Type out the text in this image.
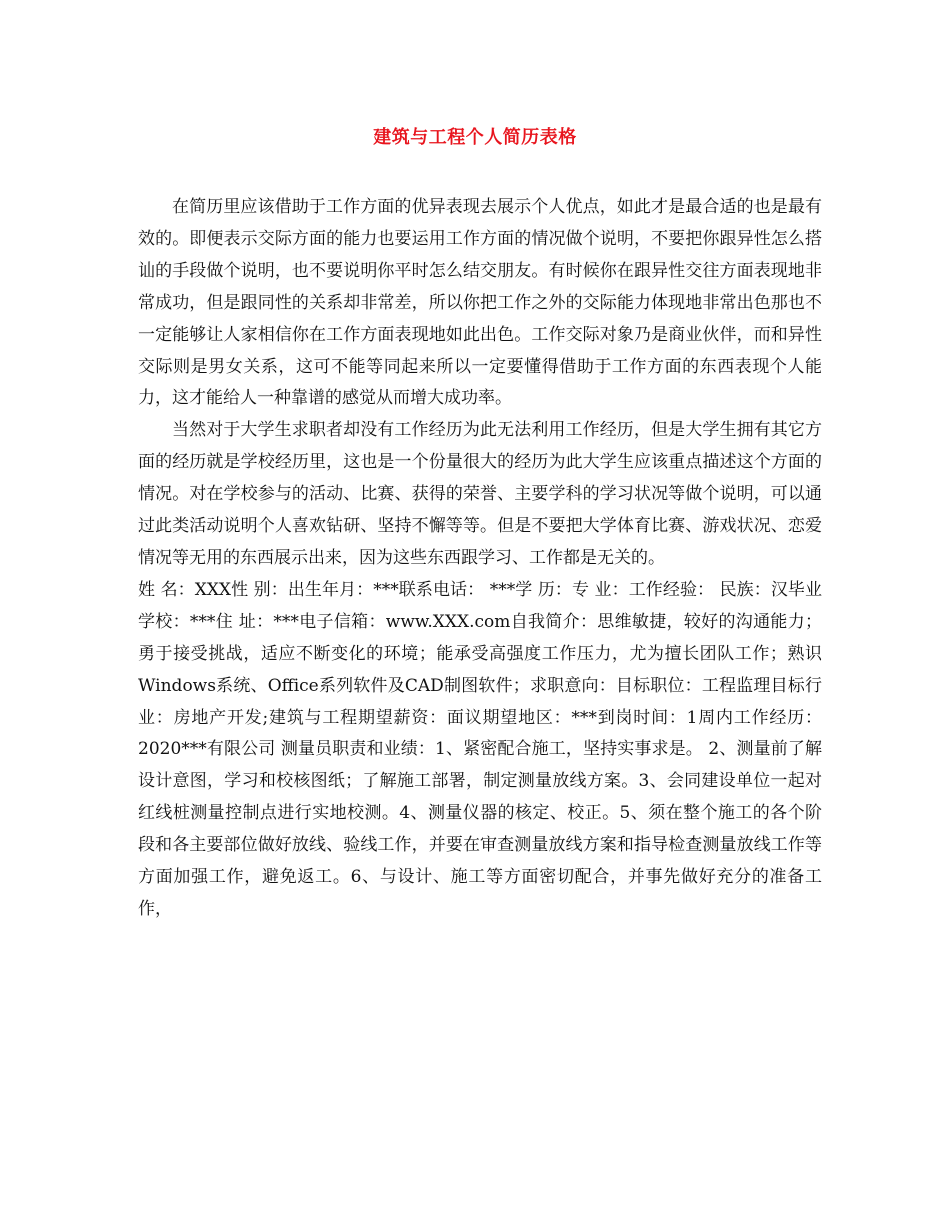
建筑与工程个人简历表格

在简历里应该借助于工作方面的优异表现去展示个人优点，如此才是最合适的也是最有效的。即便表示交际方面的能力也要运用工作方面的情况做个说明，不要把你跟异性怎么搭讪的手段做个说明，也不要说明你平时怎么结交朋友。有时候你在跟异性交往方面表现地非常成功，但是跟同性的关系却非常差，所以你把工作之外的交际能力体现地非常出色那也不一定能够让人家相信你在工作方面表现地如此出色。工作交际对象乃是商业伙伴，而和异性交际则是男女关系，这可不能等同起来所以一定要懂得借助于工作方面的东西表现个人能力，这才能给人一种靠谱的感觉从而增大成功率。

当然对于大学生求职者却没有工作经历为此无法利用工作经历，但是大学生拥有其它方面的经历就是学校经历里，这也是一个份量很大的经历为此大学生应该重点描述这个方面的情况。对在学校参与的活动、比赛、获得的荣誉、主要学科的学习状况等做个说明，可以通过此类活动说明个人喜欢钻研、坚持不懈等等。但是不要把大学体育比赛、游戏状况、恋爱情况等无用的东西展示出来，因为这些东西跟学习、工作都是无关的。

姓 名：XXX性 别：出生年月：***联系电话： ***学 历：专 业：工作经验： 民族：汉毕业学校：***住 址：***电子信箱：www.XXX.com自我简介：思维敏捷，较好的沟通能力；勇于接受挑战，适应不断变化的环境；能承受高强度工作压力，尤为擅长团队工作；熟识Windows系统、Office系列软件及CAD制图软件；求职意向：目标职位：工程监理目标行业：房地产开发;建筑与工程期望薪资：面议期望地区：***到岗时间：1周内工作经历：2020***有限公司 测量员职责和业绩：1、紧密配合施工，坚持实事求是。 2、测量前了解设计意图，学习和校核图纸；了解施工部署，制定测量放线方案。3、会同建设单位一起对红线桩测量控制点进行实地校测。4、测量仪器的核定、校正。5、须在整个施工的各个阶段和各主要部位做好放线、验线工作，并要在审查测量放线方案和指导检查测量放线工作等方面加强工作，避免返工。6、与设计、施工等方面密切配合，并事先做好充分的准备工作，
